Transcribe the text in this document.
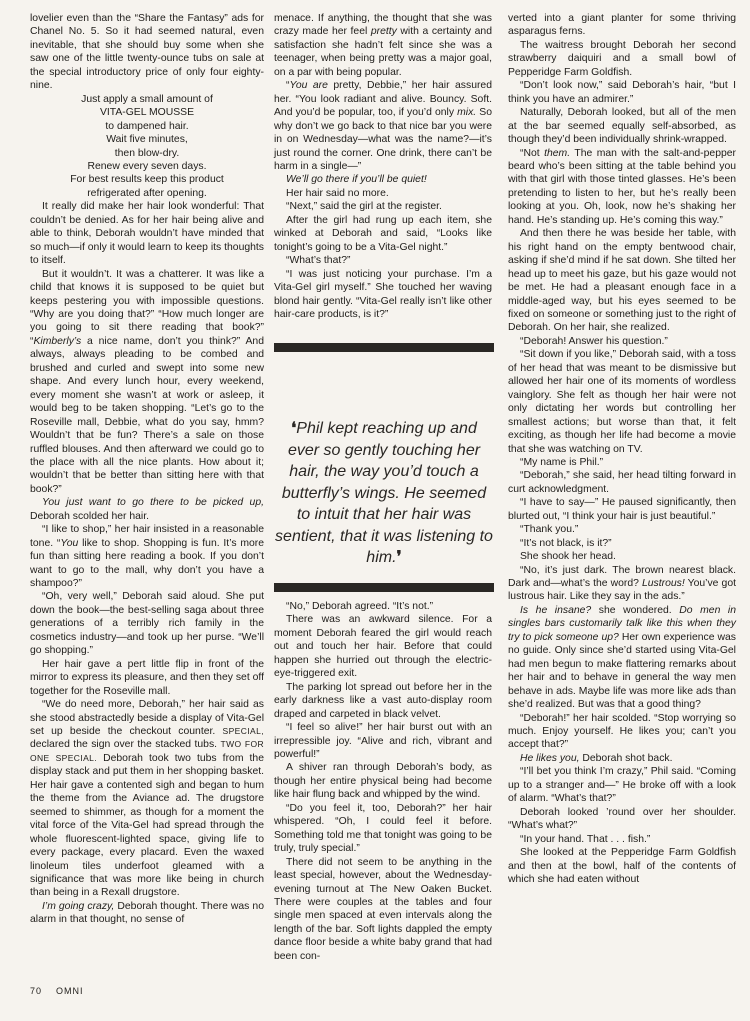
lovelier even than the “Share the Fantasy” ads for Chanel No. 5. So it had seemed natural, even inevitable, that she should buy some when she saw one of the little twenty-ounce tubs on sale at the special introductory price of only four eighty-nine.

Just apply a small amount of

VITA-GEL MOUSSE

to dampened hair.

Wait five minutes,

then blow-dry.

Renew every seven days.

For best results keep this product

refrigerated after opening.

It really did make her hair look wonderful: That couldn’t be denied. As for her hair being alive and able to think, Deborah wouldn’t have minded that so much—if only it would learn to keep its thoughts to itself.

But it wouldn’t. It was a chatterer. It was like a child that knows it is supposed to be quiet but keeps pestering you with impossible questions. “Why are you doing that?” “How much longer are you going to sit there reading that book?” “Kimberly’s a nice name, don’t you think?” And always, always pleading to be combed and brushed and curled and swept into some new shape. And every lunch hour, every weekend, every moment she wasn’t at work or asleep, it would beg to be taken shopping. “Let’s go to the Roseville mall, Debbie, what do you say, hmm? Wouldn’t that be fun? There’s a sale on those ruffled blouses. And then afterward we could go to the place with all the nice plants. How about it; wouldn’t that be better than sitting here with that book?”

You just want to go there to be picked up, Deborah scolded her hair.

“I like to shop,” her hair insisted in a reasonable tone. “You like to shop. Shopping is fun. It’s more fun than sitting here reading a book. If you don’t want to go to the mall, why don’t you have a shampoo?”

“Oh, very well,” Deborah said aloud. She put down the book—the best-selling saga about three generations of a terribly rich family in the cosmetics industry—and took up her purse. “We’ll go shopping.”

Her hair gave a pert little flip in front of the mirror to express its pleasure, and then they set off together for the Roseville mall.

“We do need more, Deborah,” her hair said as she stood abstractedly beside a display of Vita-Gel set up beside the checkout counter. SPECIAL, declared the sign over the stacked tubs. TWO FOR ONE SPECIAL. Deborah took two tubs from the display stack and put them in her shopping basket. Her hair gave a contented sigh and began to hum the theme from the Aviance ad. The drugstore seemed to shimmer, as though for a moment the vital force of the Vita-Gel had spread through the whole fluorescent-lighted space, giving life to every package, every placard. Even the waxed linoleum tiles underfoot gleamed with a significance that was more like being in church than being in a Rexall drugstore.

I’m going crazy, Deborah thought. There was no alarm in that thought, no sense of

menace. If anything, the thought that she was crazy made her feel pretty with a certainty and satisfaction she hadn’t felt since she was a teenager, when being pretty was a major goal, on a par with being popular.

“You are pretty, Debbie,” her hair assured her. “You look radiant and alive. Bouncy. Soft. And you’d be popular, too, if you’d only mix. So why don’t we go back to that nice bar you were in on Wednesday—what was the name?—it’s just round the corner. One drink, there can’t be harm in a single—”

We’ll go there if you’ll be quiet!

Her hair said no more.

“Next,” said the girl at the register.

After the girl had rung up each item, she winked at Deborah and said, “Looks like tonight’s going to be a Vita-Gel night.”

“What’s that?”

“I was just noticing your purchase. I’m a Vita-Gel girl myself.” She touched her waving blond hair gently. “Vita-Gel really isn’t like other hair-care products, is it?”

❛Phil kept reaching up and ever so gently touching her hair, the way you’d touch a butterfly’s wings. He seemed to intuit that her hair was sentient, that it was listening to him.❜

“No,” Deborah agreed. “It’s not.”

There was an awkward silence. For a moment Deborah feared the girl would reach out and touch her hair. Before that could happen she hurried out through the electric-eye-triggered exit.

The parking lot spread out before her in the early darkness like a vast auto-display room draped and carpeted in black velvet.

“I feel so alive!” her hair burst out with an irrepressible joy. “Alive and rich, vibrant and powerful!”

A shiver ran through Deborah’s body, as though her entire physical being had become like hair flung back and whipped by the wind.

“Do you feel it, too, Deborah?” her hair whispered. “Oh, I could feel it before. Something told me that tonight was going to be truly, truly special.”

There did not seem to be anything in the least special, however, about the Wednesday-evening turnout at The New Oaken Bucket. There were couples at the tables and four single men spaced at even intervals along the length of the bar. Soft lights dappled the empty dance floor beside a white baby grand that had been con-

verted into a giant planter for some thriving asparagus ferns.

The waitress brought Deborah her second strawberry daiquiri and a small bowl of Pepperidge Farm Goldfish.

“Don’t look now,” said Deborah’s hair, “but I think you have an admirer.”

Naturally, Deborah looked, but all of the men at the bar seemed equally self-absorbed, as though they’d been individually shrink-wrapped.

“Not them. The man with the salt-and-pepper beard who’s been sitting at the table behind you with that girl with those tinted glasses. He’s been pretending to listen to her, but he’s really been looking at you. Oh, look, now he’s shaking her hand. He’s standing up. He’s coming this way.”

And then there he was beside her table, with his right hand on the empty bentwood chair, asking if she’d mind if he sat down. She tilted her head up to meet his gaze, but his gaze would not be met. He had a pleasant enough face in a middle-aged way, but his eyes seemed to be fixed on someone or something just to the right of Deborah. On her hair, she realized.

“Deborah! Answer his question.”

“Sit down if you like,” Deborah said, with a toss of her head that was meant to be dismissive but allowed her hair one of its moments of wordless vainglory. She felt as though her hair were not only dictating her words but controlling her smallest actions; but worse than that, it felt exciting, as though her life had become a movie that she was watching on TV.

“My name is Phil.”

“Deborah,” she said, her head tilting forward in curt acknowledgment.

“I have to say—” He paused significantly, then blurted out, “I think your hair is just beautiful.”

“Thank you.”

“It’s not black, is it?”

She shook her head.

“No, it’s just dark. The brown nearest black. Dark and—what’s the word? Lustrous! You’ve got lustrous hair. Like they say in the ads.”

Is he insane? she wondered. Do men in singles bars customarily talk like this when they try to pick someone up? Her own experience was no guide. Only since she’d started using Vita-Gel had men begun to make flattering remarks about her hair and to behave in general the way men behave in ads. Maybe life was more like ads than she’d realized. But was that a good thing?

“Deborah!” her hair scolded. “Stop worrying so much. Enjoy yourself. He likes you; can’t you accept that?”

He likes you, Deborah shot back.

“I’ll bet you think I’m crazy,” Phil said. “Coming up to a stranger and—” He broke off with a look of alarm. “What’s that?”

Deborah looked ’round over her shoulder. “What’s what?”

“In your hand. That . . . fish.”

She looked at the Pepperidge Farm Goldfish and then at the bowl, half of the contents of which she had eaten without

70 OMNI
